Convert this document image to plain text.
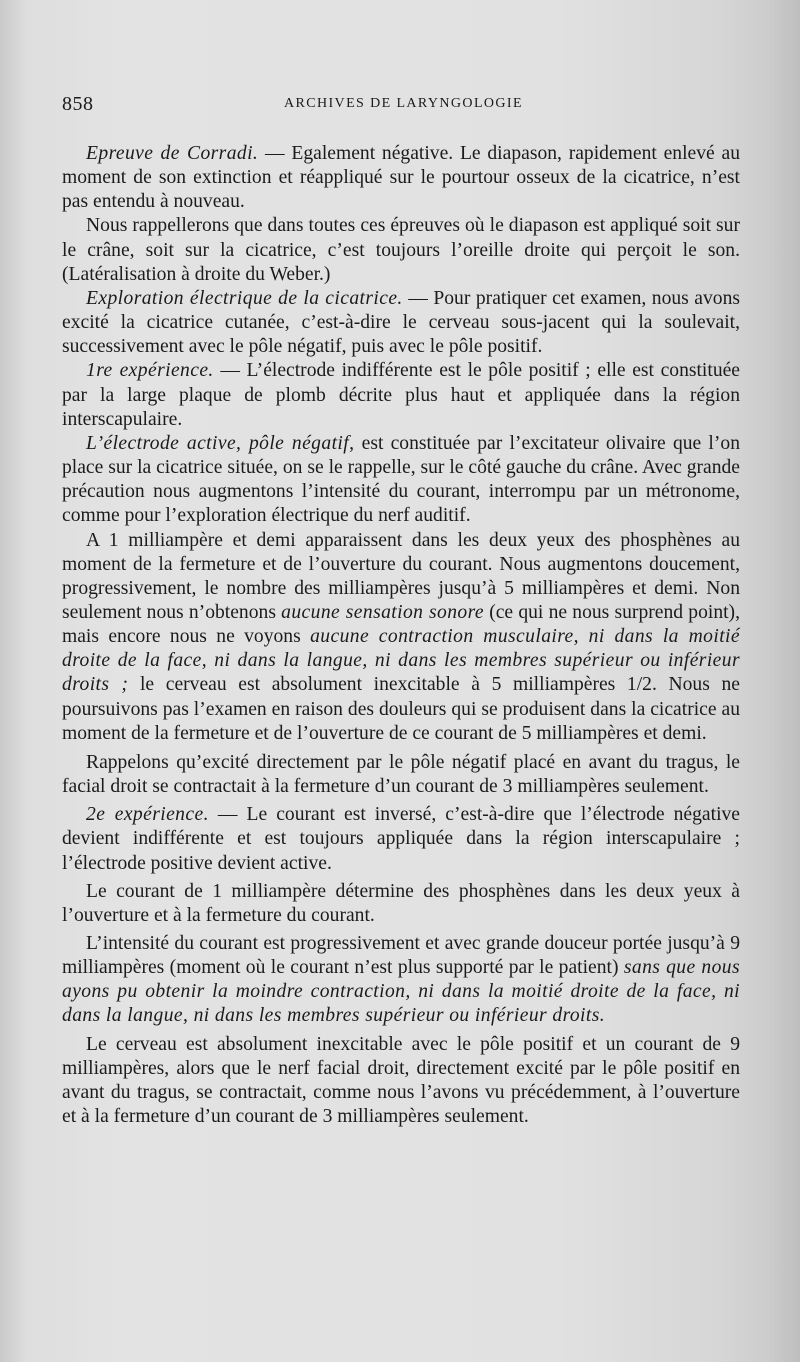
858	ARCHIVES DE LARYNGOLOGIE

Epreuve de Corradi. — Egalement négative. Le diapason, rapidement enlevé au moment de son extinction et réappliqué sur le pourtour osseux de la cicatrice, n’est pas entendu à nouveau.

Nous rappellerons que dans toutes ces épreuves où le diapason est appliqué soit sur le crâne, soit sur la cicatrice, c’est toujours l’oreille droite qui perçoit le son. (Latéralisation à droite du Weber.)

Exploration électrique de la cicatrice. — Pour pratiquer cet examen, nous avons excité la cicatrice cutanée, c’est-à-dire le cerveau sous-jacent qui la soulevait, successivement avec le pôle négatif, puis avec le pôle positif.

1re expérience. — L’électrode indifférente est le pôle positif ; elle est constituée par la large plaque de plomb décrite plus haut et appliquée dans la région interscapulaire.

L’électrode active, pôle négatif, est constituée par l’excitateur olivaire que l’on place sur la cicatrice située, on se le rappelle, sur le côté gauche du crâne. Avec grande précaution nous augmentons l’intensité du courant, interrompu par un métronome, comme pour l’exploration électrique du nerf auditif.

A 1 milliampère et demi apparaissent dans les deux yeux des phosphènes au moment de la fermeture et de l’ouverture du courant. Nous augmentons doucement, progressivement, le nombre des milliampères jusqu’à 5 milliampères et demi. Non seulement nous n’obtenons aucune sensation sonore (ce qui ne nous surprend point), mais encore nous ne voyons aucune contraction musculaire, ni dans la moitié droite de la face, ni dans la langue, ni dans les membres supérieur ou inférieur droits ; le cerveau est absolument inexcitable à 5 milliampères 1/2. Nous ne poursuivons pas l’examen en raison des douleurs qui se produisent dans la cicatrice au moment de la fermeture et de l’ouverture de ce courant de 5 milliampères et demi.

Rappelons qu’excité directement par le pôle négatif placé en avant du tragus, le facial droit se contractait à la fermeture d’un courant de 3 milliampères seulement.

2e expérience. — Le courant est inversé, c’est-à-dire que l’électrode négative devient indifférente et est toujours appliquée dans la région interscapulaire ; l’électrode positive devient active.

Le courant de 1 milliampère détermine des phosphènes dans les deux yeux à l’ouverture et à la fermeture du courant.

L’intensité du courant est progressivement et avec grande douceur portée jusqu’à 9 milliampères (moment où le courant n’est plus supporté par le patient) sans que nous ayons pu obtenir la moindre contraction, ni dans la moitié droite de la face, ni dans la langue, ni dans les membres supérieur ou inférieur droits.

Le cerveau est absolument inexcitable avec le pôle positif et un courant de 9 milliampères, alors que le nerf facial droit, directement excité par le pôle positif en avant du tragus, se contractait, comme nous l’avons vu précédemment, à l’ouverture et à la fermeture d’un courant de 3 milliampères seulement.
